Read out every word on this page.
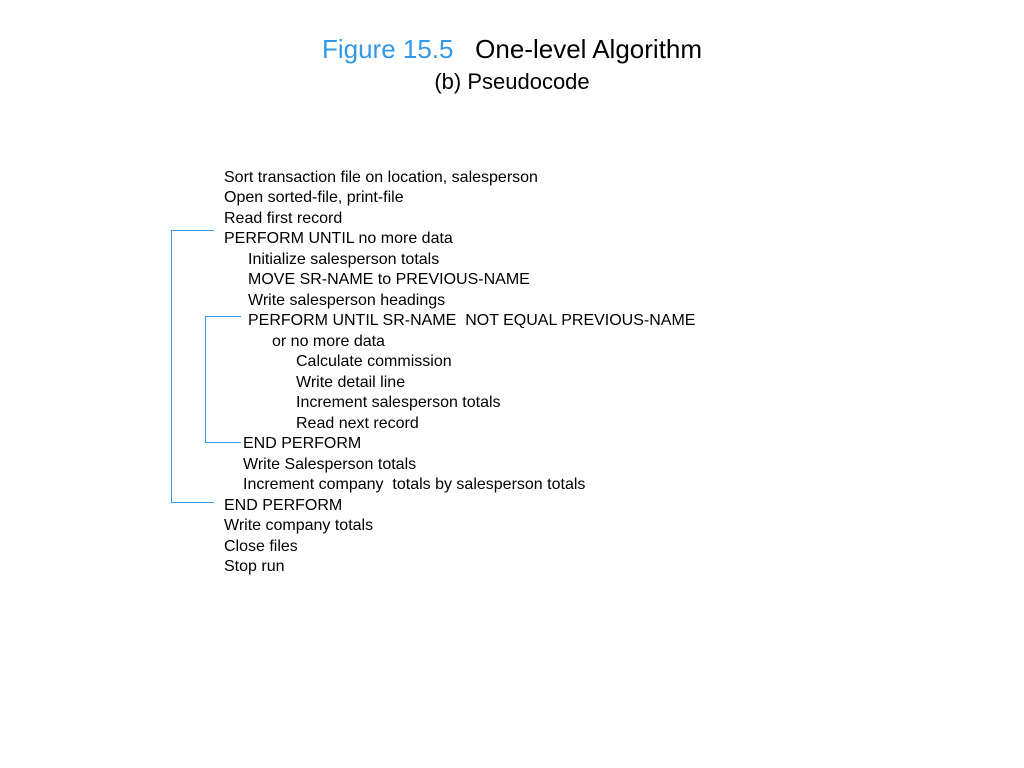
Figure 15.5 One-level Algorithm
(b) Pseudocode

Sort transaction file on location, salesperson

Open sorted-file, print-file

Read first record

PERFORM UNTIL no more data

Initialize salesperson totals

MOVE SR-NAME to PREVIOUS-NAME

Write salesperson headings

PERFORM UNTIL SR-NAME  NOT EQUAL PREVIOUS-NAME

or no more data

Calculate commission

Write detail line

Increment salesperson totals

Read next record

END PERFORM

Write Salesperson totals

Increment company  totals by salesperson totals

END PERFORM

Write company totals

Close files

Stop run
